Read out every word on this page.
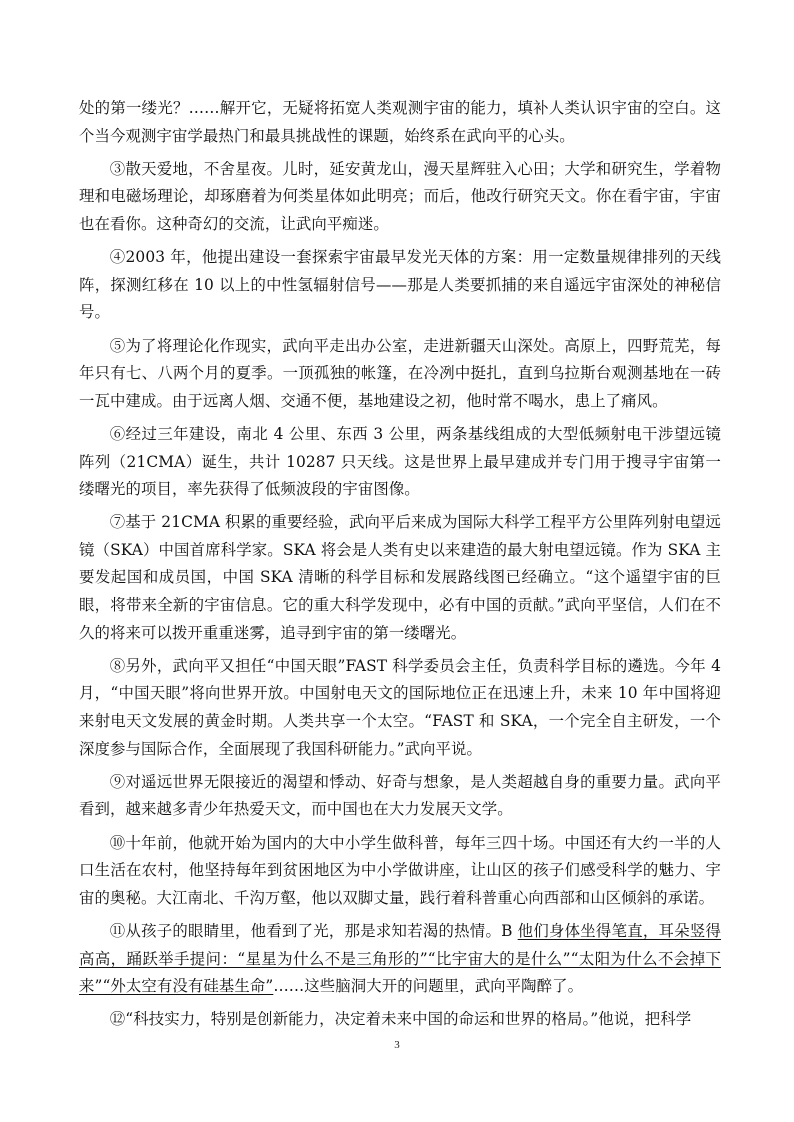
处的第一缕光？……解开它，无疑将拓宽人类观测宇宙的能力，填补人类认识宇宙的空白。这个当今观测宇宙学最热门和最具挑战性的课题，始终系在武向平的心头。

③散天爱地，不舍星夜。儿时，延安黄龙山，漫天星辉驻入心田；大学和研究生，学着物理和电磁场理论，却琢磨着为何类星体如此明亮；而后，他改行研究天文。你在看宇宙，宇宙也在看你。这种奇幻的交流，让武向平痴迷。

④2003 年，他提出建设一套探索宇宙最早发光天体的方案：用一定数量规律排列的天线阵，探测红移在 10 以上的中性氢辐射信号——那是人类要抓捕的来自遥远宇宙深处的神秘信号。

⑤为了将理论化作现实，武向平走出办公室，走进新疆天山深处。高原上，四野荒芜，每年只有七、八两个月的夏季。一顶孤独的帐篷，在冷冽中挺扎，直到乌拉斯台观测基地在一砖一瓦中建成。由于远离人烟、交通不便，基地建设之初，他时常不喝水，患上了痛风。

⑥经过三年建设，南北 4 公里、东西 3 公里，两条基线组成的大型低频射电干涉望远镜阵列（21CMA）诞生，共计 10287 只天线。这是世界上最早建成并专门用于搜寻宇宙第一缕曙光的项目，率先获得了低频波段的宇宙图像。

⑦基于 21CMA 积累的重要经验，武向平后来成为国际大科学工程平方公里阵列射电望远镜（SKA）中国首席科学家。SKA 将会是人类有史以来建造的最大射电望远镜。作为 SKA 主要发起国和成员国，中国 SKA 清晰的科学目标和发展路线图已经确立。“这个遥望宇宙的巨眼，将带来全新的宇宙信息。它的重大科学发现中，必有中国的贡献。”武向平坚信，人们在不久的将来可以拨开重重迷雾，追寻到宇宙的第一缕曙光。

⑧另外，武向平又担任“中国天眼”FAST 科学委员会主任，负责科学目标的遴选。今年 4 月，“中国天眼”将向世界开放。中国射电天文的国际地位正在迅速上升，未来 10 年中国将迎来射电天文发展的黄金时期。人类共享一个太空。“FAST 和 SKA，一个完全自主研发，一个深度参与国际合作，全面展现了我国科研能力。”武向平说。

⑨对遥远世界无限接近的渴望和悸动、好奇与想象，是人类超越自身的重要力量。武向平看到，越来越多青少年热爱天文，而中国也在大力发展天文学。

⑩十年前，他就开始为国内的大中小学生做科普，每年三四十场。中国还有大约一半的人口生活在农村，他坚持每年到贫困地区为中小学做讲座，让山区的孩子们感受科学的魅力、宇宙的奥秘。大江南北、千沟万壑，他以双脚丈量，践行着科普重心向西部和山区倾斜的承诺。

⑪从孩子的眼睛里，他看到了光，那是求知若渴的热情。B 他们身体坐得笔直，耳朵竖得高高，踊跃举手提问：“星星为什么不是三角形的”“比宇宙大的是什么”“太阳为什么不会掉下来”“外太空有没有硅基生命”……这些脑洞大开的问题里，武向平陶醉了。

⑫“科技实力，特别是创新能力，决定着未来中国的命运和世界的格局。”他说，把科学

3
